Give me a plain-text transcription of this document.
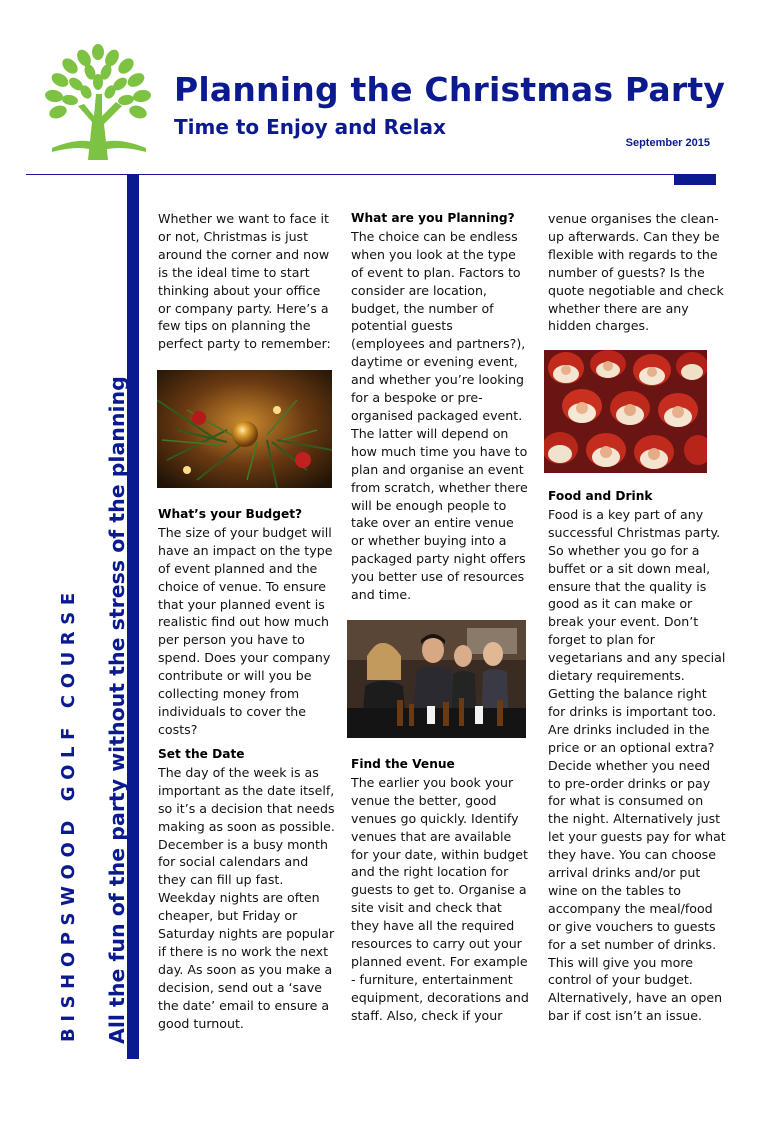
Planning the Christmas Party
Time to Enjoy and Relax
September 2015
BISHOPSWOOD GOLF COURSE All the fun of the party without the stress of the planning

Whether we want to face it or not, Christmas is just around the corner and now is the ideal time to start thinking about your office or company party. Here’s a few tips on planning the perfect party to remember:

What’s your Budget?

The size of your budget will have an impact on the type of event planned and the choice of venue. To ensure that your planned event is realistic find out how much per person you have to spend. Does your company contribute or will you be collecting money from individuals to cover the costs?

Set the Date

The day of the week is as important as the date itself, so it’s a decision that needs making as soon as possible. December is a busy month for social calendars and they can fill up fast. Weekday nights are often cheaper, but Friday or Saturday nights are popular if there is no work the next day. As soon as you make a decision, send out a ‘save the date’ email to ensure a good turnout.

What are you Planning?

The choice can be endless when you look at the type of event to plan. Factors to consider are location, budget, the number of potential guests (employees and partners?), daytime or evening event, and whether you’re looking for a bespoke or pre-organised packaged event. The latter will depend on how much time you have to plan and organise an event from scratch, whether there will be enough people to take over an entire venue or whether buying into a packaged party night offers you better use of resources and time.

Find the Venue

The earlier you book your venue the better, good venues go quickly. Identify venues that are available for your date, within budget and the right location for guests to get to. Organise a site visit and check that they have all the required resources to carry out your planned event. For example - furniture, entertainment equipment, decorations and staff. Also, check if your

venue organises the clean-up afterwards. Can they be flexible with regards to the number of guests? Is the quote negotiable and check whether there are any hidden charges.

Food and Drink

Food is a key part of any successful Christmas party. So whether you go for a buffet or a sit down meal, ensure that the quality is good as it can make or break your event. Don’t forget to plan for vegetarians and any special dietary requirements. Getting the balance right for drinks is important too. Are drinks included in the price or an optional extra? Decide whether you need to pre-order drinks or pay for what is consumed on the night. Alternatively just let your guests pay for what they have. You can choose arrival drinks and/or put wine on the tables to accompany the meal/food or give vouchers to guests for a set number of drinks. This will give you more control of your budget. Alternatively, have an open bar if cost isn’t an issue.
